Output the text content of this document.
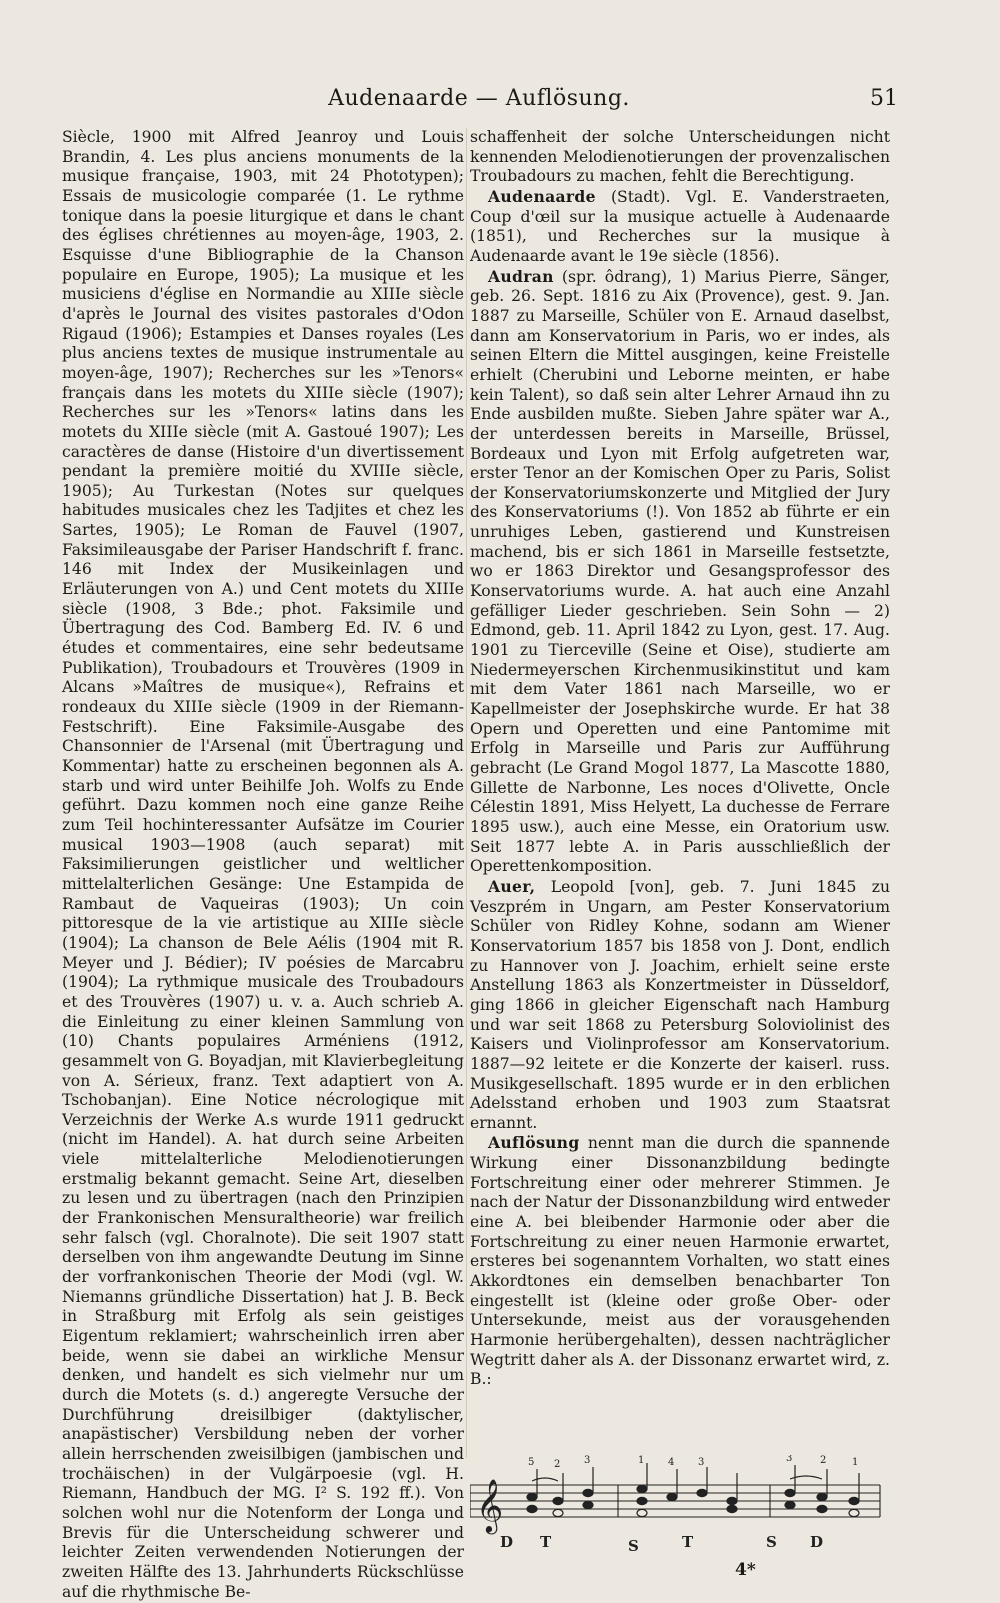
Audenaarde — Auflösung.	51

Siècle, 1900 mit Alfred Jeanroy und Louis Brandin, 4. Les plus anciens monuments de la musique française, 1903, mit 24 Phototypen); Essais de musicologie comparée (1. Le rythme tonique dans la poesie liturgique et dans le chant des églises chrétiennes au moyen-âge, 1903, 2. Esquisse d'une Bibliographie de la Chanson populaire en Europe, 1905); La musique et les musiciens d'église en Normandie au XIIIe siècle d'après le Journal des visites pastorales d'Odon Rigaud (1906); Estampies et Danses royales (Les plus anciens textes de musique instrumentale au moyen-âge, 1907); Recherches sur les »Tenors« français dans les motets du XIIIe siècle (1907); Recherches sur les »Tenors« latins dans les motets du XIIIe siècle (mit A. Gastoué 1907); Les caractères de danse (Histoire d'un divertissement pendant la première moitié du XVIIIe siècle, 1905); Au Turkestan (Notes sur quelques habitudes musicales chez les Tadjites et chez les Sartes, 1905); Le Roman de Fauvel (1907, Faksimileausgabe der Pariser Handschrift f. franc. 146 mit Index der Musikeinlagen und Erläuterungen von A.) und Cent motets du XIIIe siècle (1908, 3 Bde.; phot. Faksimile und Übertragung des Cod. Bamberg Ed. IV. 6 und études et commentaires, eine sehr bedeutsame Publikation), Troubadours et Trouvères (1909 in Alcans »Maîtres de musique«), Refrains et rondeaux du XIIIe siècle (1909 in der Riemann-Festschrift). Eine Faksimile-Ausgabe des Chansonnier de l'Arsenal (mit Übertragung und Kommentar) hatte zu erscheinen begonnen als A. starb und wird unter Beihilfe Joh. Wolfs zu Ende geführt. Dazu kommen noch eine ganze Reihe zum Teil hochinteressanter Aufsätze im Courier musical 1903—1908 (auch separat) mit Faksimilierungen geistlicher und weltlicher mittelalterlichen Gesänge: Une Estampida de Rambaut de Vaqueiras (1903); Un coin pittoresque de la vie artistique au XIIIe siècle (1904); La chanson de Bele Aélis (1904 mit R. Meyer und J. Bédier); IV poésies de Marcabru (1904); La rythmique musicale des Troubadours et des Trouvères (1907) u. v. a. Auch schrieb A. die Einleitung zu einer kleinen Sammlung von (10) Chants populaires Arméniens (1912, gesammelt von G. Boyadjan, mit Klavierbegleitung von A. Sérieux, franz. Text adaptiert von A. Tschobanjan). Eine Notice nécrologique mit Verzeichnis der Werke A.s wurde 1911 gedruckt (nicht im Handel). A. hat durch seine Arbeiten viele mittelalterliche Melodienotierungen erstmalig bekannt gemacht. Seine Art, dieselben zu lesen und zu übertragen (nach den Prinzipien der Frankonischen Mensuraltheorie) war freilich sehr falsch (vgl. Choralnote). Die seit 1907 statt derselben von ihm angewandte Deutung im Sinne der vorfrankonischen Theorie der Modi (vgl. W. Niemanns gründliche Dissertation) hat J. B. Beck in Straßburg mit Erfolg als sein geistiges Eigentum reklamiert; wahrscheinlich irren aber beide, wenn sie dabei an wirkliche Mensur denken, und handelt es sich vielmehr nur um durch die Motets (s. d.) angeregte Versuche der Durchführung dreisilbiger (daktylischer, anapästischer) Versbildung neben der vorher allein herrschenden zweisilbigen (jambischen und trochäischen) in der Vulgärpoesie (vgl. H. Riemann, Handbuch der MG. I² S. 192 ff.). Von solchen wohl nur die Notenform der Longa und Brevis für die Unterscheidung schwerer und leichter Zeiten verwendenden Notierungen der zweiten Hälfte des 13. Jahrhunderts Rückschlüsse auf die rhythmische Be-

schaffenheit der solche Unterscheidungen nicht kennenden Melodienotierungen der provenzalischen Troubadours zu machen, fehlt die Berechtigung.

Audenaarde (Stadt). Vgl. E. Vanderstraeten, Coup d'œil sur la musique actuelle à Audenaarde (1851), und Recherches sur la musique à Audenaarde avant le 19e siècle (1856).

Audran (spr. ôdrang), 1) Marius Pierre, Sänger, geb. 26. Sept. 1816 zu Aix (Provence), gest. 9. Jan. 1887 zu Marseille, Schüler von E. Arnaud daselbst, dann am Konservatorium in Paris, wo er indes, als seinen Eltern die Mittel ausgingen, keine Freistelle erhielt (Cherubini und Leborne meinten, er habe kein Talent), so daß sein alter Lehrer Arnaud ihn zu Ende ausbilden mußte. Sieben Jahre später war A., der unterdessen bereits in Marseille, Brüssel, Bordeaux und Lyon mit Erfolg aufgetreten war, erster Tenor an der Komischen Oper zu Paris, Solist der Konservatoriumskonzerte und Mitglied der Jury des Konservatoriums (!). Von 1852 ab führte er ein unruhiges Leben, gastierend und Kunstreisen machend, bis er sich 1861 in Marseille festsetzte, wo er 1863 Direktor und Gesangsprofessor des Konservatoriums wurde. A. hat auch eine Anzahl gefälliger Lieder geschrieben. Sein Sohn — 2) Edmond, geb. 11. April 1842 zu Lyon, gest. 17. Aug. 1901 zu Tierceville (Seine et Oise), studierte am Niedermeyerschen Kirchenmusikinstitut und kam mit dem Vater 1861 nach Marseille, wo er Kapellmeister der Josephskirche wurde. Er hat 38 Opern und Operetten und eine Pantomime mit Erfolg in Marseille und Paris zur Aufführung gebracht (Le Grand Mogol 1877, La Mascotte 1880, Gillette de Narbonne, Les noces d'Olivette, Oncle Célestin 1891, Miss Helyett, La duchesse de Ferrare 1895 usw.), auch eine Messe, ein Oratorium usw. Seit 1877 lebte A. in Paris ausschließlich der Operettenkomposition.

Auer, Leopold [von], geb. 7. Juni 1845 zu Veszprém in Ungarn, am Pester Konservatorium Schüler von Ridley Kohne, sodann am Wiener Konservatorium 1857 bis 1858 von J. Dont, endlich zu Hannover von J. Joachim, erhielt seine erste Anstellung 1863 als Konzertmeister in Düsseldorf, ging 1866 in gleicher Eigenschaft nach Hamburg und war seit 1868 zu Petersburg Soloviolinist des Kaisers und Violinprofessor am Konservatorium. 1887—92 leitete er die Konzerte der kaiserl. russ. Musikgesellschaft. 1895 wurde er in den erblichen Adelsstand erhoben und 1903 zum Staatsrat ernannt.

Auflösung nennt man die durch die spannende Wirkung einer Dissonanzbildung bedingte Fortschreitung einer oder mehrerer Stimmen. Je nach der Natur der Dissonanzbildung wird entweder eine A. bei bleibender Harmonie oder aber die Fortschreitung zu einer neuen Harmonie erwartet, ersteres bei sogenanntem Vorhalten, wo statt eines Akkordtones ein demselben benachbarter Ton eingestellt ist (kleine oder große Ober- oder Untersekunde, meist aus der vorausgehenden Harmonie herübergehalten), dessen nachträglicher Wegtritt daher als A. der Dissonanz erwartet wird, z. B.:

𝄞
5 2 3	1 4 3	3	2	1
D T	S	T	S D
4*
